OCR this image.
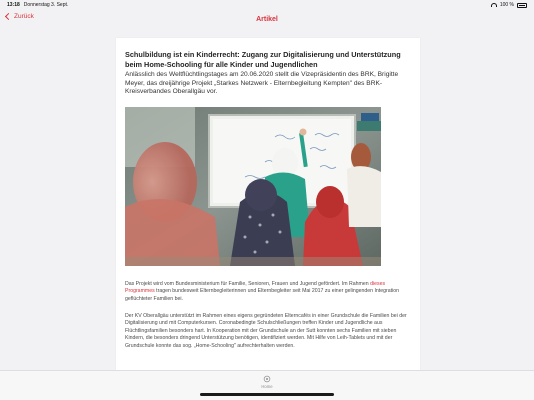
13:18 Donnerstag 3. Sept.	100 %
Zurück	Artikel
Schulbildung ist ein Kinderrecht: Zugang zur Digitalisierung und Unterstützung beim Home-Schooling für alle Kinder und Jugendlichen
Anlässlich des Weltflüchtlingstages am 20.06.2020 stellt die Vizepräsidentin des BRK, Brigitte Meyer, das dreijährige Projekt „Starkes Netzwerk - Elternbegleitung Kempten" des BRK-Kreisverbandes Oberallgäu vor.

Das Projekt wird vom Bundesministerium für Familie, Senioren, Frauen und Jugend gefördert. Im Rahmen dieses Programmes tragen bundesweit Elternbegleiterinnen und Elternbegleiter seit Mai 2017 zu einer gelingenden Integration geflüchteter Familien bei.

Der KV Oberallgäu unterstützt im Rahmen eines eigens gegründeten Elterncafés in einer Grundschule die Familien bei der Digitalisierung und mit Computerkursen. Coronabedingte Schulschließungen treffen Kinder und Jugendliche aus Flüchtlingsfamilien besonders hart. In Kooperation mit der Grundschule an der Sutt konnten sechs Familien mit sieben Kindern, die besonders dringend Unterstützung benötigen, identifiziert werden. Mit Hilfe von Leih-Tablets und mit der Grundschule konnte das sog. „Home-Schooling" aufrechterhalten werden.

Home
